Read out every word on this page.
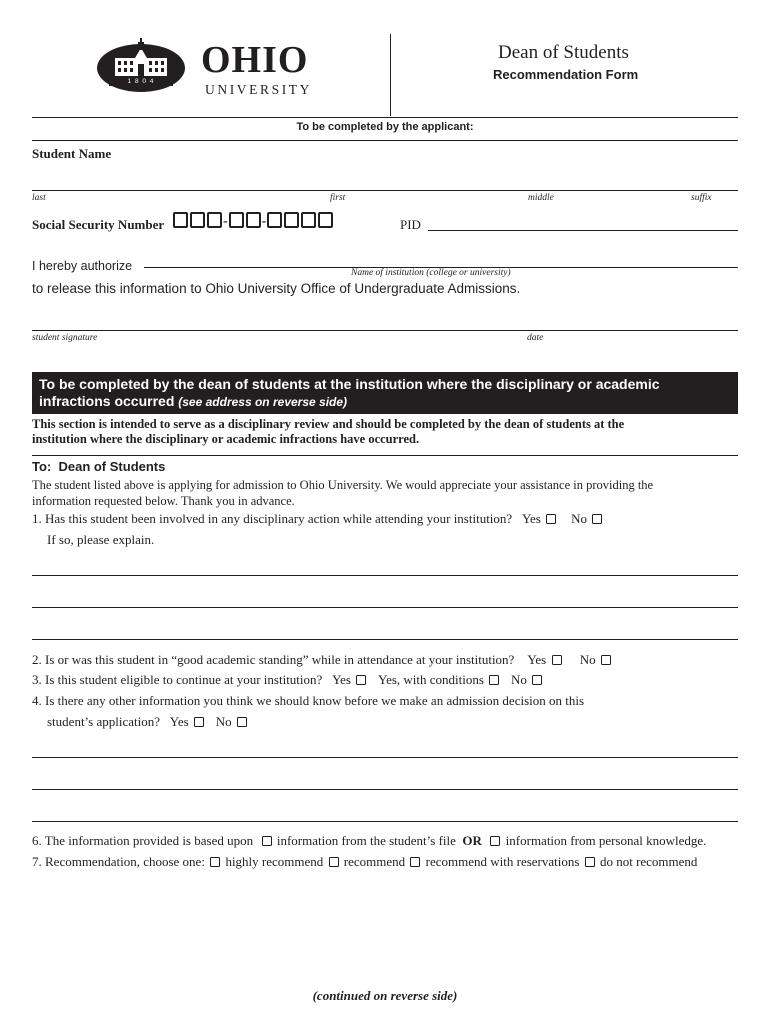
1 8 0 4
OHIO
UNIVERSITY
Dean of Students
Recommendation Form
To be completed by the applicant:
Student Name
last	first	middle	suffix
Social Security Number	- -	PID
I hereby authorize	Name of institution (college or university)
to release this information to Ohio University Office of Undergraduate Admissions.
student signature	date
To be completed by the dean of students at the institution where the disciplinary or academic
infractions occurred (see address on reverse side)
This section is intended to serve as a disciplinary review and should be completed by the dean of students at the
institution where the disciplinary or academic infractions have occurred.
To:  Dean of Students
The student listed above is applying for admission to Ohio University. We would appreciate your assistance in providing the
information requested below. Thank you in advance.
1. Has this student been involved in any disciplinary action while attending your institution? Yes No
If so, please explain.
2. Is or was this student in “good academic standing” while in attendance at your institution? Yes	No
3. Is this student eligible to continue at your institution? Yes Yes, with conditions No
4. Is there any other information you think we should know before we make an admission decision on this
student’s application? Yes No
6. The information provided is based upon information from the student’s file OR information from personal knowledge.
7. Recommendation, choose one: highly recommend recommend recommend with reservations do not recommend
(continued on reverse side)
